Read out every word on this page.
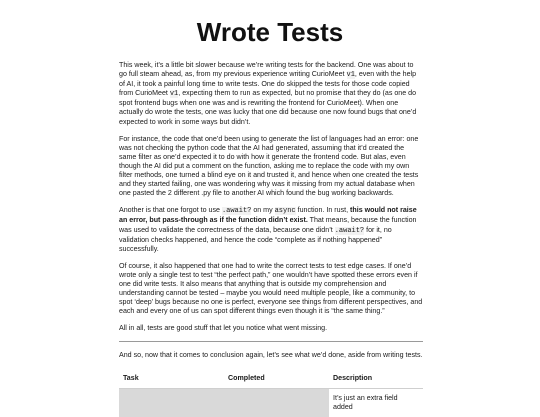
Wrote Tests

This week, it’s a little bit slower because we’re writing tests for the backend. One was about to go full steam ahead, as, from my previous experience writing CurioMeet v1, even with the help of AI, it took a painful long time to write tests. One do skipped the tests for those code copied from CurioMeet v1, expecting them to run as expected, but no promise that they do (as one do spot frontend bugs when one was and is rewriting the frontend for CurioMeet). When one actually do wrote the tests, one was lucky that one did because one now found bugs that one’d expected to work in some ways but didn’t.

For instance, the code that one’d been using to generate the list of languages had an error: one was not checking the python code that the AI had generated, assuming that it’d created the same filter as one’d expected it to do with how it generate the frontend code. But alas, even though the AI did put a comment on the function, asking me to replace the code with my own filter methods, one turned a blind eye on it and trusted it, and hence when one created the tests and they started failing, one was wondering why was it missing from my actual database when one pasted the 2 different .py file to another AI which found the bug working backwards.

Another is that one forgot to use .await? on my async function. In rust, this would not raise an error, but pass-through as if the function didn’t exist. That means, because the function was used to validate the correctness of the data, because one didn’t .await? for it, no validation checks happened, and hence the code “complete as if nothing happened” successfully.

Of course, it also happened that one had to write the correct tests to test edge cases. If one’d wrote only a single test to test “the perfect path,” one wouldn’t have spotted these errors even if one did write tests. It also means that anything that is outside my comprehension and understanding cannot be tested – maybe you would need multiple people, like a community, to spot ‘deep’ bugs because no one is perfect, everyone see things from different perspectives, and each and every one of us can spot different things even though it is “the same thing.”

All in all, tests are good stuff that let you notice what went missing.

And so, now that it comes to conclusion again, let’s see what we’d done, aside from writing tests.

Task	Completed	Description
		It’s just an extra field added
